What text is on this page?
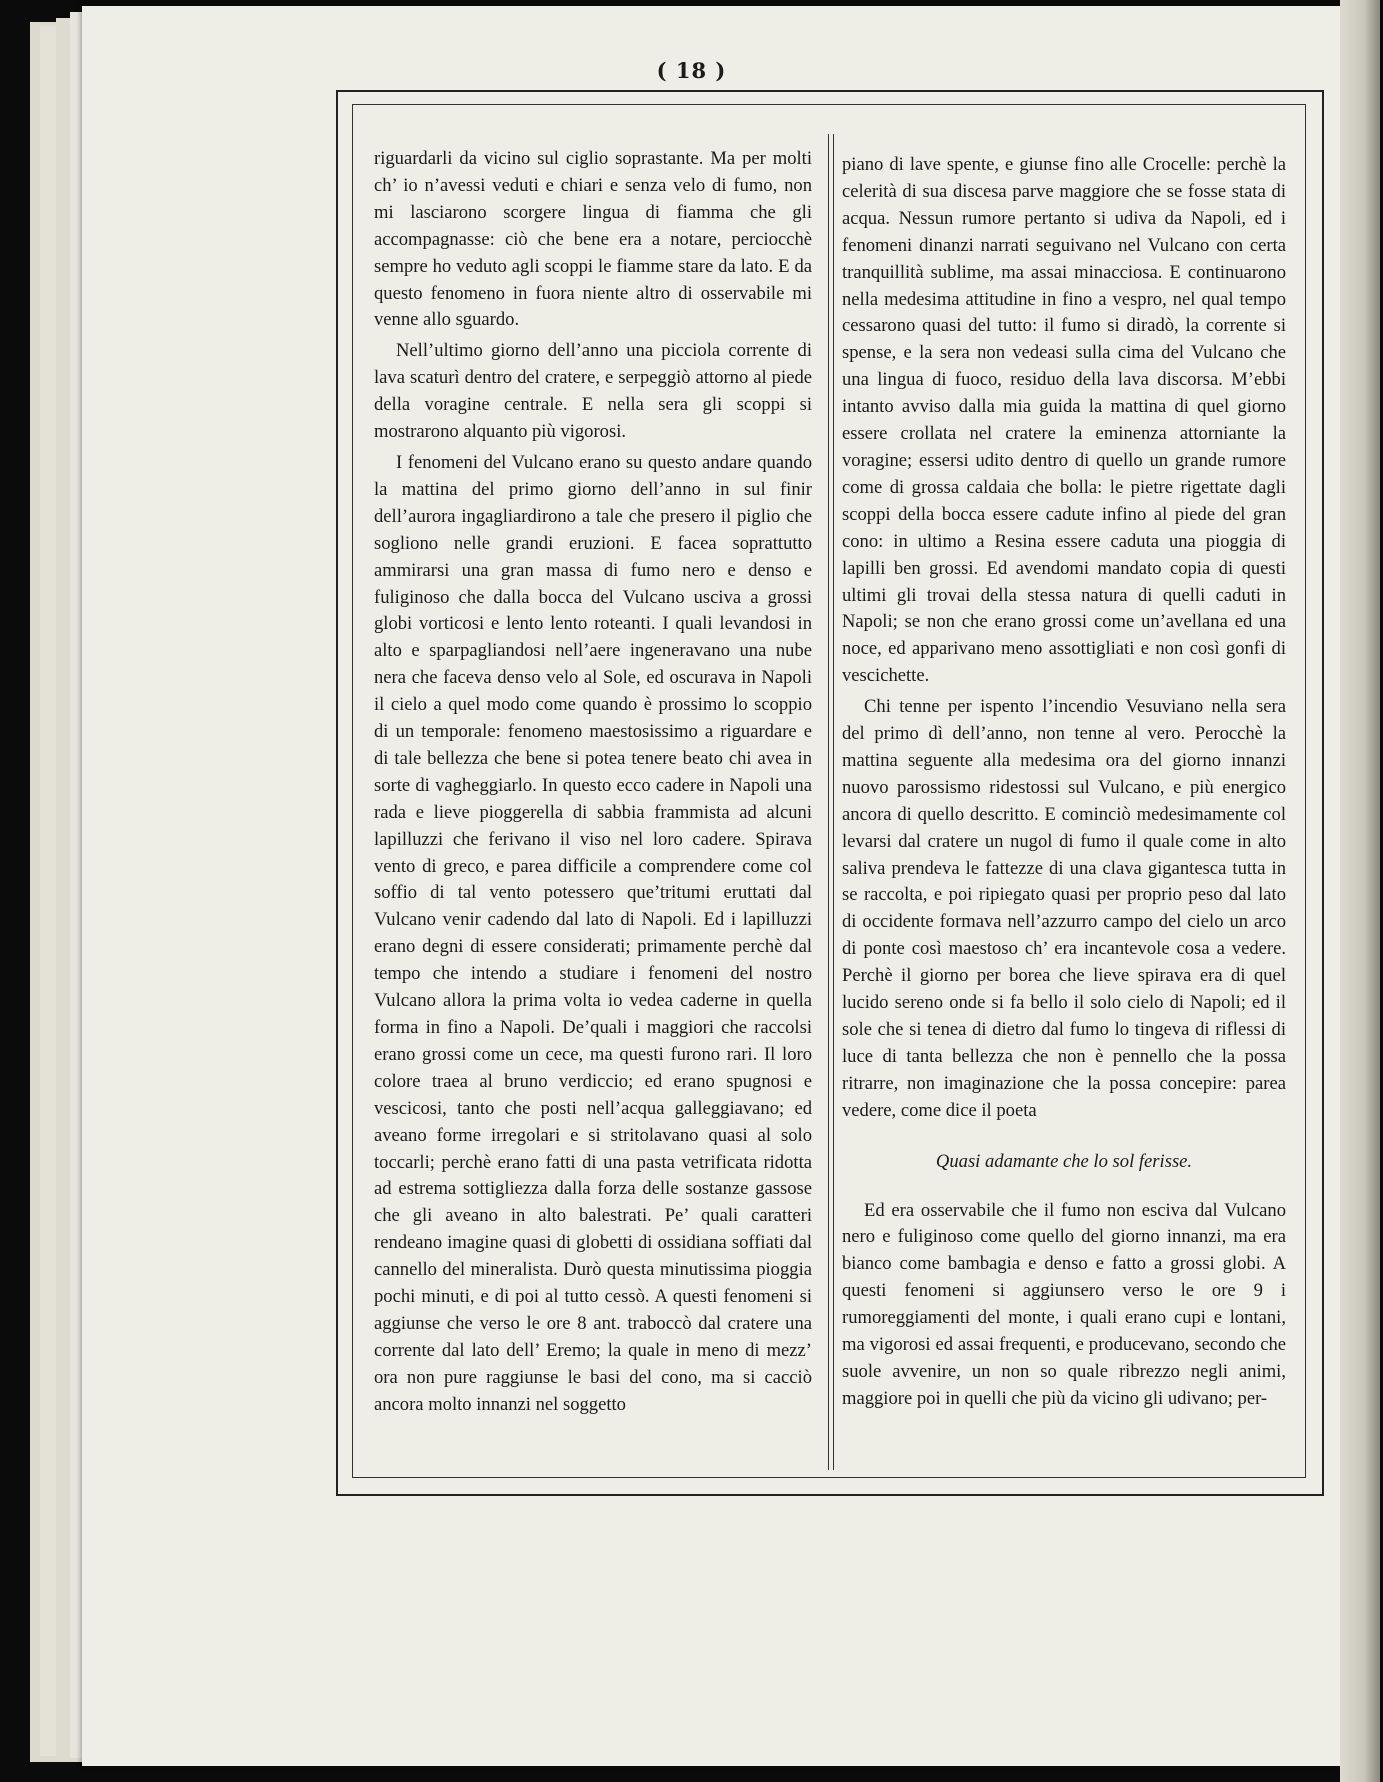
( 18 )

riguardarli da vicino sul ciglio soprastante. Ma per molti ch’ io n’avessi veduti e chiari e senza velo di fumo, non mi lasciarono scorgere lingua di fiamma che gli accompagnasse: ciò che bene era a notare, perciocchè sempre ho veduto agli scoppi le fiamme stare da lato. E da questo fenomeno in fuora niente altro di osservabile mi venne allo sguardo.

Nell’ultimo giorno dell’anno una picciola corrente di lava scaturì dentro del cratere, e serpeggiò attorno al piede della voragine centrale. E nella sera gli scoppi si mostrarono alquanto più vigorosi.

I fenomeni del Vulcano erano su questo andare quando la mattina del primo giorno dell’anno in sul finir dell’aurora ingagliardirono a tale che presero il piglio che sogliono nelle grandi eruzioni. E facea soprattutto ammirarsi una gran massa di fumo nero e denso e fuliginoso che dalla bocca del Vulcano usciva a grossi globi vorticosi e lento lento roteanti. I quali levandosi in alto e sparpagliandosi nell’aere ingeneravano una nube nera che faceva denso velo al Sole, ed oscurava in Napoli il cielo a quel modo come quando è prossimo lo scoppio di un temporale: fenomeno maestosissimo a riguardare e di tale bellezza che bene si potea tenere beato chi avea in sorte di vagheggiarlo. In questo ecco cadere in Napoli una rada e lieve pioggerella di sabbia frammista ad alcuni lapilluzzi che ferivano il viso nel loro cadere. Spirava vento di greco, e parea difficile a comprendere come col soffio di tal vento potessero que’tritumi eruttati dal Vulcano venir cadendo dal lato di Napoli. Ed i lapilluzzi erano degni di essere considerati; primamente perchè dal tempo che intendo a studiare i fenomeni del nostro Vulcano allora la prima volta io vedea caderne in quella forma in fino a Napoli. De’quali i maggiori che raccolsi erano grossi come un cece, ma questi furono rari. Il loro colore traea al bruno verdiccio; ed erano spugnosi e vescicosi, tanto che posti nell’acqua galleggiavano; ed aveano forme irregolari e si stritolavano quasi al solo toccarli; perchè erano fatti di una pasta vetrificata ridotta ad estrema sottigliezza dalla forza delle sostanze gassose che gli aveano in alto balestrati. Pe’ quali caratteri rendeano imagine quasi di globetti di ossidiana soffiati dal cannello del mineralista. Durò questa minutissima pioggia pochi minuti, e di poi al tutto cessò. A questi fenomeni si aggiunse che verso le ore 8 ant. traboccò dal cratere una corrente dal lato dell’ Eremo; la quale in meno di mezz’ ora non pure raggiunse le basi del cono, ma si cacciò ancora molto innanzi nel soggetto

piano di lave spente, e giunse fino alle Crocelle: perchè la celerità di sua discesa parve maggiore che se fosse stata di acqua. Nessun rumore pertanto si udiva da Napoli, ed i fenomeni dinanzi narrati seguivano nel Vulcano con certa tranquillità sublime, ma assai minacciosa. E continuarono nella medesima attitudine in fino a vespro, nel qual tempo cessarono quasi del tutto: il fumo si diradò, la corrente si spense, e la sera non vedeasi sulla cima del Vulcano che una lingua di fuoco, residuo della lava discorsa. M’ebbi intanto avviso dalla mia guida la mattina di quel giorno essere crollata nel cratere la eminenza attorniante la voragine; essersi udito dentro di quello un grande rumore come di grossa caldaia che bolla: le pietre rigettate dagli scoppi della bocca essere cadute infino al piede del gran cono: in ultimo a Resina essere caduta una pioggia di lapilli ben grossi. Ed avendomi mandato copia di questi ultimi gli trovai della stessa natura di quelli caduti in Napoli; se non che erano grossi come un’avellana ed una noce, ed apparivano meno assottigliati e non così gonfi di vescichette.

Chi tenne per ispento l’incendio Vesuviano nella sera del primo dì dell’anno, non tenne al vero. Perocchè la mattina seguente alla medesima ora del giorno innanzi nuovo parossismo ridestossi sul Vulcano, e più energico ancora di quello descritto. E cominciò medesimamente col levarsi dal cratere un nugol di fumo il quale come in alto saliva prendeva le fattezze di una clava gigantesca tutta in se raccolta, e poi ripiegato quasi per proprio peso dal lato di occidente formava nell’azzurro campo del cielo un arco di ponte così maestoso ch’ era incantevole cosa a vedere. Perchè il giorno per borea che lieve spirava era di quel lucido sereno onde si fa bello il solo cielo di Napoli; ed il sole che si tenea di dietro dal fumo lo tingeva di riflessi di luce di tanta bellezza che non è pennello che la possa ritrarre, non imaginazione che la possa concepire: parea vedere, come dice il poeta

Quasi adamante che lo sol ferisse.

Ed era osservabile che il fumo non esciva dal Vulcano nero e fuliginoso come quello del giorno innanzi, ma era bianco come bambagia e denso e fatto a grossi globi. A questi fenomeni si aggiunsero verso le ore 9 i rumoreggiamenti del monte, i quali erano cupi e lontani, ma vigorosi ed assai frequenti, e producevano, secondo che suole avvenire, un non so quale ribrezzo negli animi, maggiore poi in quelli che più da vicino gli udivano; per-
